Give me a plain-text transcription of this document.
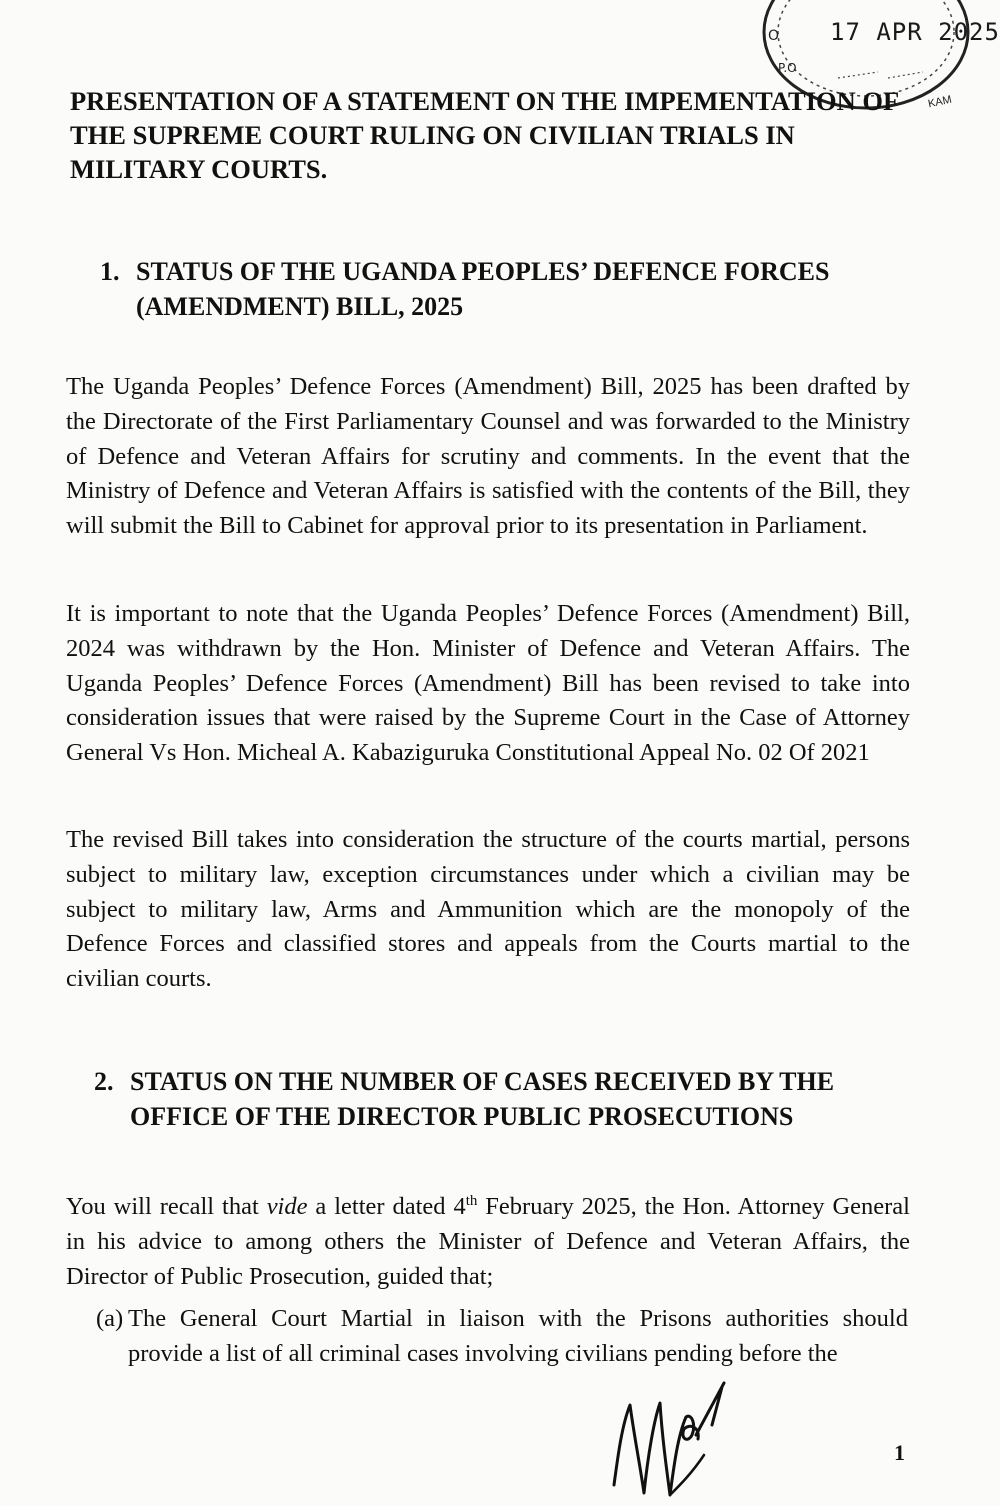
O
P.O
17 APR 2025
KAM
PRESENTATION OF A STATEMENT ON THE IMPEMENTATION OF THE SUPREME COURT RULING ON CIVILIAN TRIALS IN MILITARY COURTS.
1. STATUS OF THE UGANDA PEOPLES’ DEFENCE FORCES (AMENDMENT) BILL, 2025

The Uganda Peoples’ Defence Forces (Amendment) Bill, 2025 has been drafted by the Directorate of the First Parliamentary Counsel and was forwarded to the Ministry of Defence and Veteran Affairs for scrutiny and comments. In the event that the Ministry of Defence and Veteran Affairs is satisfied with the contents of the Bill, they will submit the Bill to Cabinet for approval prior to its presentation in Parliament.

It is important to note that the Uganda Peoples’ Defence Forces (Amendment) Bill, 2024 was withdrawn by the Hon. Minister of Defence and Veteran Affairs. The Uganda Peoples’ Defence Forces (Amendment) Bill has been revised to take into consideration issues that were raised by the Supreme Court in the Case of Attorney General Vs Hon. Micheal A. Kabaziguruka Constitutional Appeal No. 02 Of 2021

The revised Bill takes into consideration the structure of the courts martial, persons subject to military law, exception circumstances under which a civilian may be subject to military law, Arms and Ammunition which are the monopoly of the Defence Forces and classified stores and appeals from the Courts martial to the civilian courts.

2. STATUS ON THE NUMBER OF CASES RECEIVED BY THE OFFICE OF THE DIRECTOR PUBLIC PROSECUTIONS

You will recall that vide a letter dated 4th February 2025, the Hon. Attorney General in his advice to among others the Minister of Defence and Veteran Affairs, the Director of Public Prosecution, guided that;

(a) The General Court Martial in liaison with the Prisons authorities should provide a list of all criminal cases involving civilians pending before the

1
